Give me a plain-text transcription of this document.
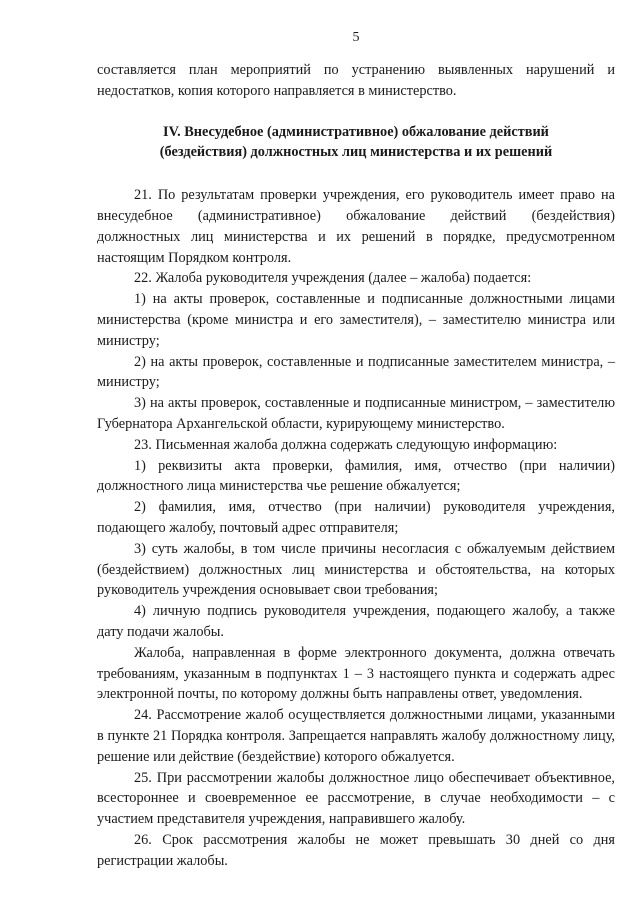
5

составляется план мероприятий по устранению выявленных нарушений и недостатков, копия которого направляется в министерство.

IV. Внесудебное (административное) обжалование действий
(бездействия) должностных лиц министерства и их решений

21. По результатам проверки учреждения, его руководитель имеет право на внесудебное (административное) обжалование действий (бездействия) должностных лиц министерства и их решений в порядке, предусмотренном настоящим Порядком контроля.

22. Жалоба руководителя учреждения (далее – жалоба) подается:

1) на акты проверок, составленные и подписанные должностными лицами министерства (кроме министра и его заместителя), – заместителю министра или министру;

2) на акты проверок, составленные и подписанные заместителем министра, – министру;

3) на акты проверок, составленные и подписанные министром, – заместителю Губернатора Архангельской области, курирующему министерство.

23. Письменная жалоба должна содержать следующую информацию:

1) реквизиты акта проверки, фамилия, имя, отчество (при наличии) должностного лица министерства чье решение обжалуется;

2) фамилия, имя, отчество (при наличии) руководителя учреждения, подающего жалобу, почтовый адрес отправителя;

3) суть жалобы, в том числе причины несогласия с обжалуемым действием (бездействием) должностных лиц министерства и обстоятельства, на которых руководитель учреждения основывает свои требования;

4) личную подпись руководителя учреждения, подающего жалобу, а также дату подачи жалобы.

Жалоба, направленная в форме электронного документа, должна отвечать требованиям, указанным в подпунктах 1 – 3 настоящего пункта и содержать адрес электронной почты, по которому должны быть направлены ответ, уведомления.

24. Рассмотрение жалоб осуществляется должностными лицами, указанными в пункте 21 Порядка контроля. Запрещается направлять жалобу должностному лицу, решение или действие (бездействие) которого обжалуется.

25. При рассмотрении жалобы должностное лицо обеспечивает объективное, всестороннее и своевременное ее рассмотрение, в случае необходимости – с участием представителя учреждения, направившего жалобу.

26. Срок рассмотрения жалобы не может превышать 30 дней со дня регистрации жалобы.
